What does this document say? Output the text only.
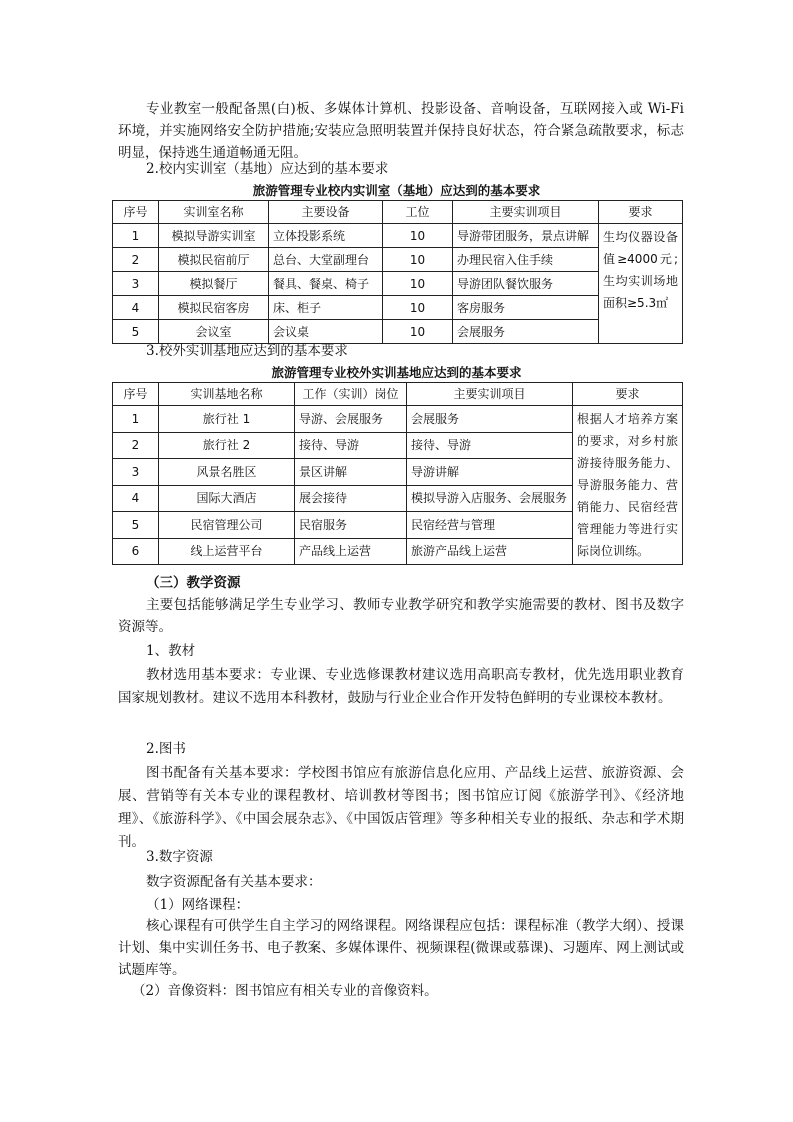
专业教室一般配备黑(白)板、多媒体计算机、投影设备、音响设备，互联网接入或 Wi-Fi 环境，并实施网络安全防护措施;安装应急照明装置并保持良好状态，符合紧急疏散要求，标志明显，保持逃生通道畅通无阻。

2.校内实训室（基地）应达到的基本要求
旅游管理专业校内实训室（基地）应达到的基本要求
序号	实训室名称	主要设备	工位	主要实训项目	要求
1	模拟导游实训室	立体投影系统	10	导游带团服务，景点讲解	生均仪器设备值≥4000元;生均实训场地面积≥5.3㎡
2	模拟民宿前厅	总台、大堂副理台	10	办理民宿入住手续	
3	模拟餐厅	餐具、餐桌、椅子	10	导游团队餐饮服务	
4	模拟民宿客房	床、柜子	10	客房服务	
5	会议室	会议桌	10	会展服务	
3.校外实训基地应达到的基本要求
旅游管理专业校外实训基地应达到的基本要求
序号	实训基地名称	工作（实训）岗位	主要实训项目	要求
1	旅行社 1	导游、会展服务	会展服务	根据人才培养方案的要求，对乡村旅游接待服务能力、导游服务能力、营销能力、民宿经营管理能力等进行实际岗位训练。
2	旅行社 2	接待、导游	接待、导游	
3	风景名胜区	景区讲解	导游讲解	
4	国际大酒店	展会接待	模拟导游入店服务、会展服务	
5	民宿管理公司	民宿服务	民宿经营与管理	
6	线上运营平台	产品线上运营	旅游产品线上运营	
（三）教学资源

主要包括能够满足学生专业学习、教师专业教学研究和教学实施需要的教材、图书及数字资源等。

1、教材

教材选用基本要求：专业课、专业选修课教材建议选用高职高专教材，优先选用职业教育国家规划教材。建议不选用本科教材，鼓励与行业企业合作开发特色鲜明的专业课校本教材。

2.图书

图书配备有关基本要求：学校图书馆应有旅游信息化应用、产品线上运营、旅游资源、会展、营销等有关本专业的课程教材、培训教材等图书；图书馆应订阅《旅游学刊》、《经济地理》、《旅游科学》、《中国会展杂志》、《中国饭店管理》等多种相关专业的报纸、杂志和学术期刊。

3.数字资源
数字资源配备有关基本要求：
（1）网络课程：

核心课程有可供学生自主学习的网络课程。网络课程应包括：课程标准（教学大纲）、授课计划、集中实训任务书、电子教案、多媒体课件、视频课程(微课或慕课)、习题库、网上测试或试题库等。

（2）音像资料：图书馆应有相关专业的音像资料。
